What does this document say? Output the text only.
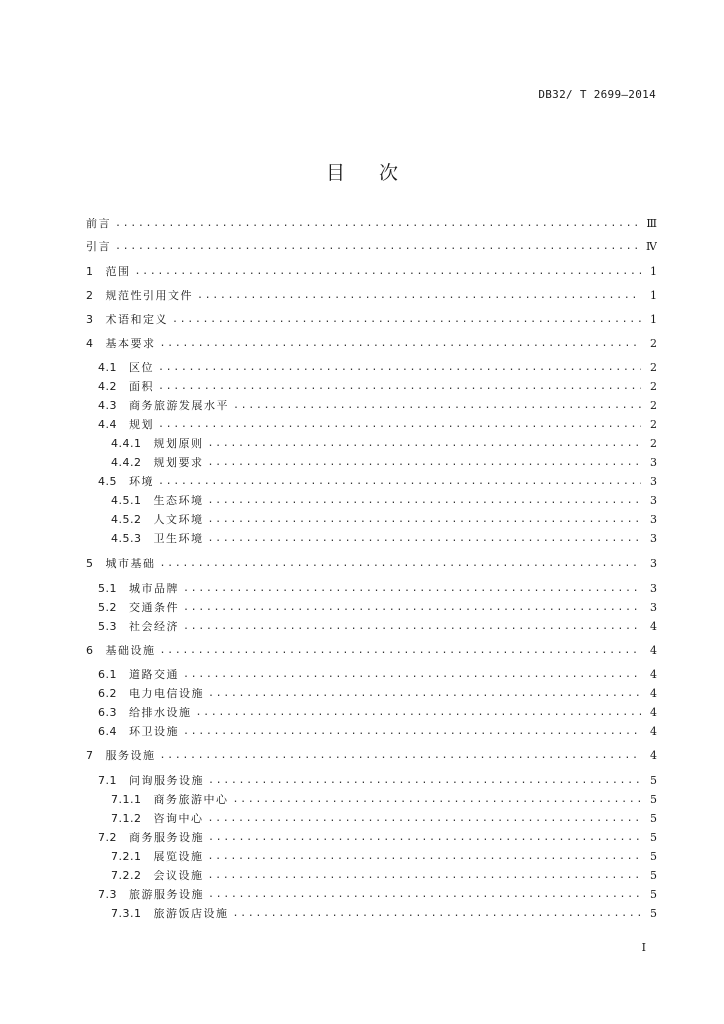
DB32/ T 2699—2014
目 次
前言 .....	Ⅲ
引言 .....	Ⅳ
1 范围 .....	1
2 规范性引用文件 .....	1
3 术语和定义 .....	1
4 基本要求 .....	2
4.1 区位 .....	2
4.2 面积 .....	2
4.3 商务旅游发展水平 .....	2
4.4 规划 .....	2
4.4.1 规划原则 .....	2
4.4.2 规划要求 .....	3
4.5 环境 .....	3
4.5.1 生态环境 .....	3
4.5.2 人文环境 .....	3
4.5.3 卫生环境 .....	3
5 城市基础 .....	3
5.1 城市品牌 .....	3
5.2 交通条件 .....	3
5.3 社会经济 .....	4
6 基础设施 .....	4
6.1 道路交通 .....	4
6.2 电力电信设施 .....	4
6.3 给排水设施 .....	4
6.4 环卫设施 .....	4
7 服务设施 .....	4
7.1 问询服务设施 .....	5
7.1.1 商务旅游中心 .....	5
7.1.2 咨询中心 .....	5
7.2 商务服务设施 .....	5
7.2.1 展览设施 .....	5
7.2.2 会议设施 .....	5
7.3 旅游服务设施 .....	5
7.3.1 旅游饭店设施 .....	5
I
